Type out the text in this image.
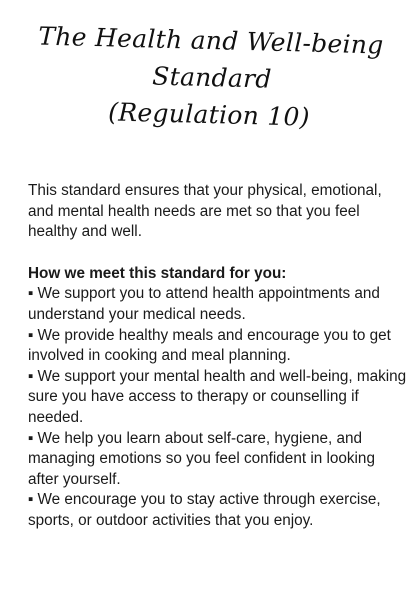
The Health and Well-being
Standard
(Regulation 10)

This standard ensures that your physical, emotional, and mental health needs are met so that you feel healthy and well.

How we meet this standard for you:

▪ We support you to attend health appointments and understand your medical needs.
▪ We provide healthy meals and encourage you to get involved in cooking and meal planning.
▪ We support your mental health and well-being, making sure you have access to therapy or counselling if needed.
▪ We help you learn about self-care, hygiene, and managing emotions so you feel confident in looking after yourself.
▪ We encourage you to stay active through exercise, sports, or outdoor activities that you enjoy.
